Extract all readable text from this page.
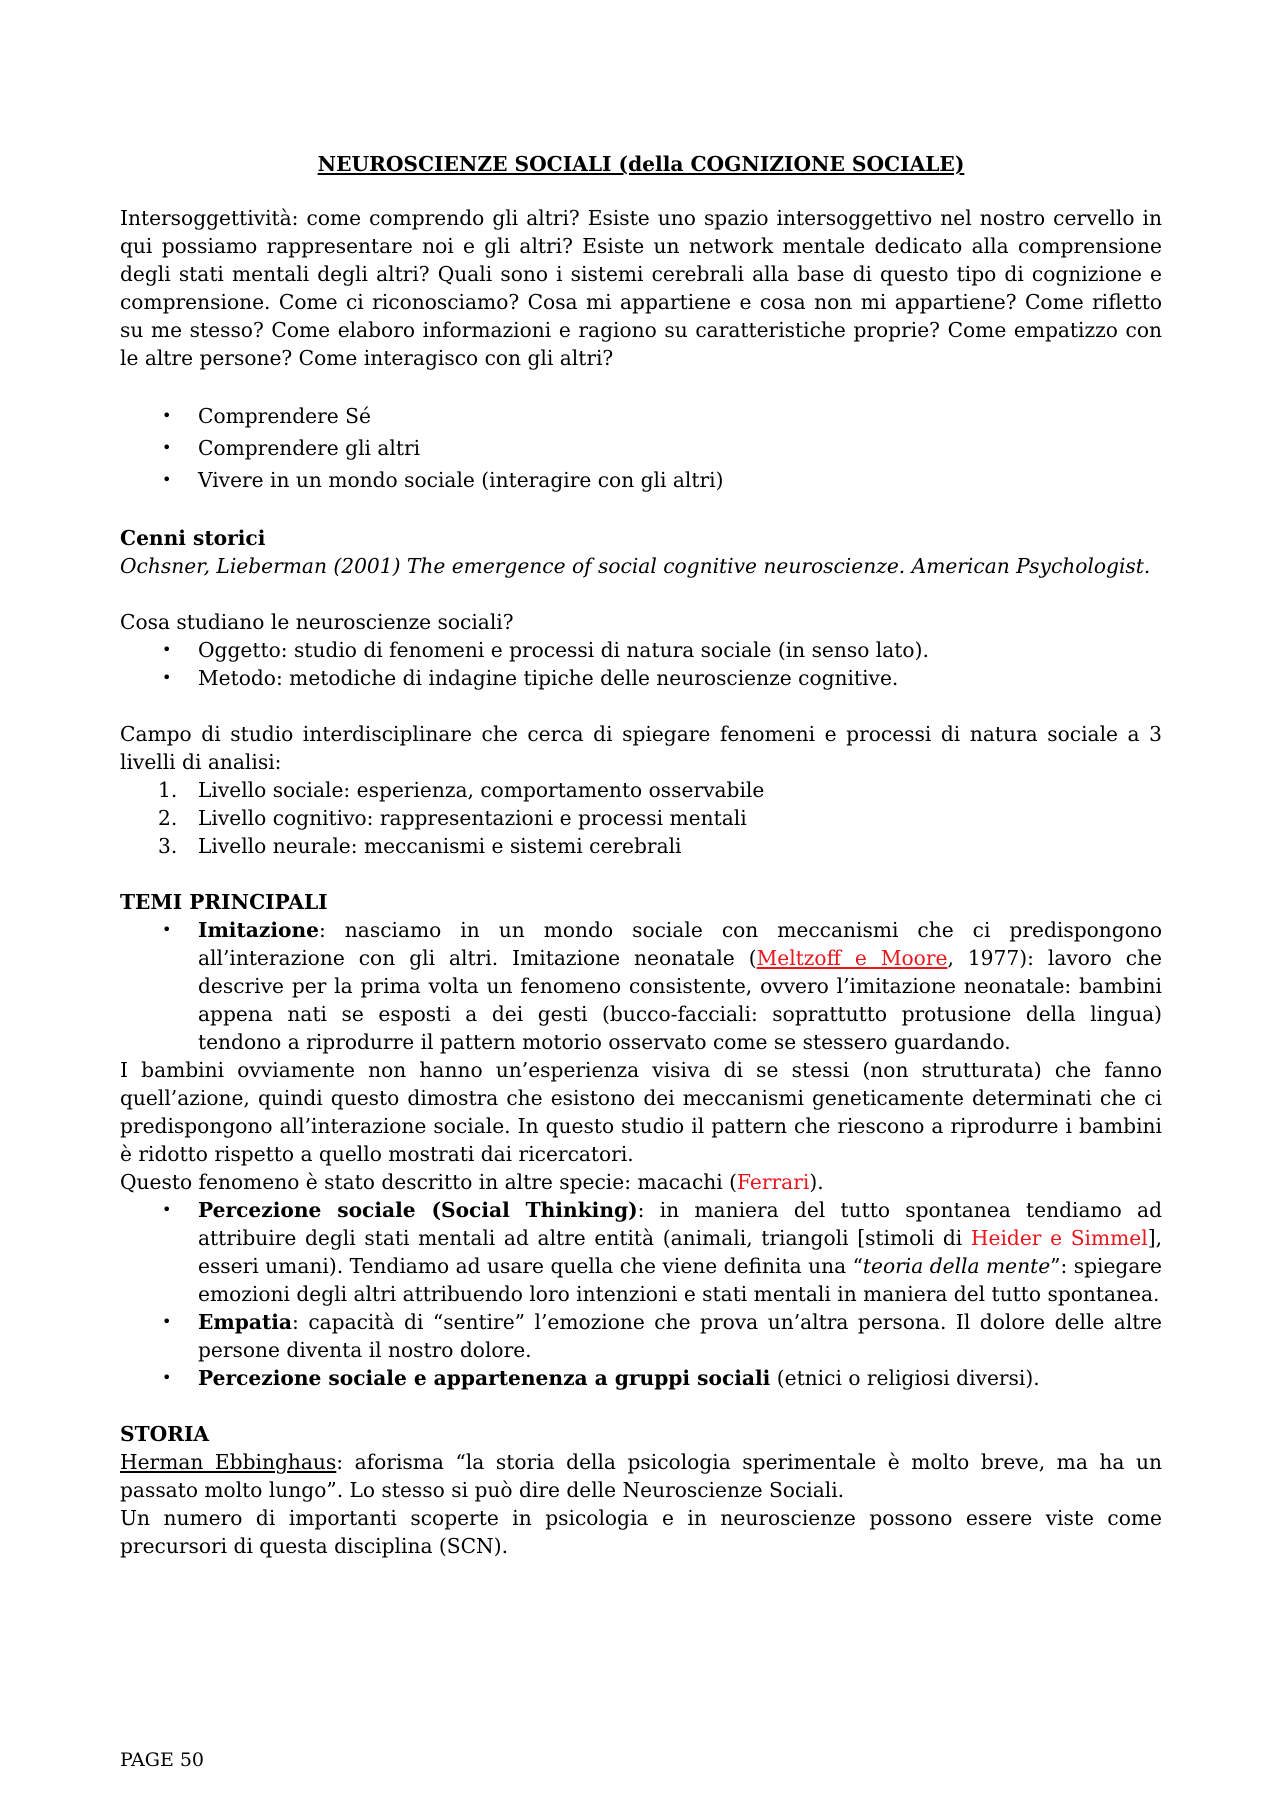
NEUROSCIENZE SOCIALI (della COGNIZIONE SOCIALE)

Intersoggettività: come comprendo gli altri? Esiste uno spazio intersoggettivo nel nostro cervello in qui possiamo rappresentare noi e gli altri? Esiste un network mentale dedicato alla comprensione degli stati mentali degli altri? Quali sono i sistemi cerebrali alla base di questo tipo di cognizione e comprensione. Come ci riconosciamo? Cosa mi appartiene e cosa non mi appartiene? Come rifletto su me stesso? Come elaboro informazioni e ragiono su caratteristiche proprie? Come empatizzo con le altre persone? Come interagisco con gli altri?

• Comprendere Sé
• Comprendere gli altri
• Vivere in un mondo sociale (interagire con gli altri)

Cenni storici

Ochsner, Lieberman (2001) The emergence of social cognitive neuroscienze. American Psychologist.

Cosa studiano le neuroscienze sociali?

• Oggetto: studio di fenomeni e processi di natura sociale (in senso lato).
• Metodo: metodiche di indagine tipiche delle neuroscienze cognitive.

Campo di studio interdisciplinare che cerca di spiegare fenomeni e processi di natura sociale a 3 livelli di analisi:

1. Livello sociale: esperienza, comportamento osservabile
2. Livello cognitivo: rappresentazioni e processi mentali
3. Livello neurale: meccanismi e sistemi cerebrali

TEMI PRINCIPALI

• Imitazione: nasciamo in un mondo sociale con meccanismi che ci predispongono all’interazione con gli altri. Imitazione neonatale (Meltzoff e Moore, 1977): lavoro che descrive per la prima volta un fenomeno consistente, ovvero l’imitazione neonatale: bambini appena nati se esposti a dei gesti (bucco-facciali: soprattutto protusione della lingua) tendono a riprodurre il pattern motorio osservato come se stessero guardando.

I bambini ovviamente non hanno un’esperienza visiva di se stessi (non strutturata) che fanno quell’azione, quindi questo dimostra che esistono dei meccanismi geneticamente determinati che ci predispongono all’interazione sociale. In questo studio il pattern che riescono a riprodurre i bambini è ridotto rispetto a quello mostrati dai ricercatori.

Questo fenomeno è stato descritto in altre specie: macachi (Ferrari).

• Percezione sociale (Social Thinking): in maniera del tutto spontanea tendiamo ad attribuire degli stati mentali ad altre entità (animali, triangoli [stimoli di Heider e Simmel], esseri umani). Tendiamo ad usare quella che viene definita una “teoria della mente”: spiegare emozioni degli altri attribuendo loro intenzioni e stati mentali in maniera del tutto spontanea.
• Empatia: capacità di “sentire” l’emozione che prova un’altra persona. Il dolore delle altre persone diventa il nostro dolore.
• Percezione sociale e appartenenza a gruppi sociali (etnici o religiosi diversi).

STORIA

Herman Ebbinghaus: aforisma “la storia della psicologia sperimentale è molto breve, ma ha un passato molto lungo”. Lo stesso si può dire delle Neuroscienze Sociali.

Un numero di importanti scoperte in psicologia e in neuroscienze possono essere viste come precursori di questa disciplina (SCN).

PAGE 50
